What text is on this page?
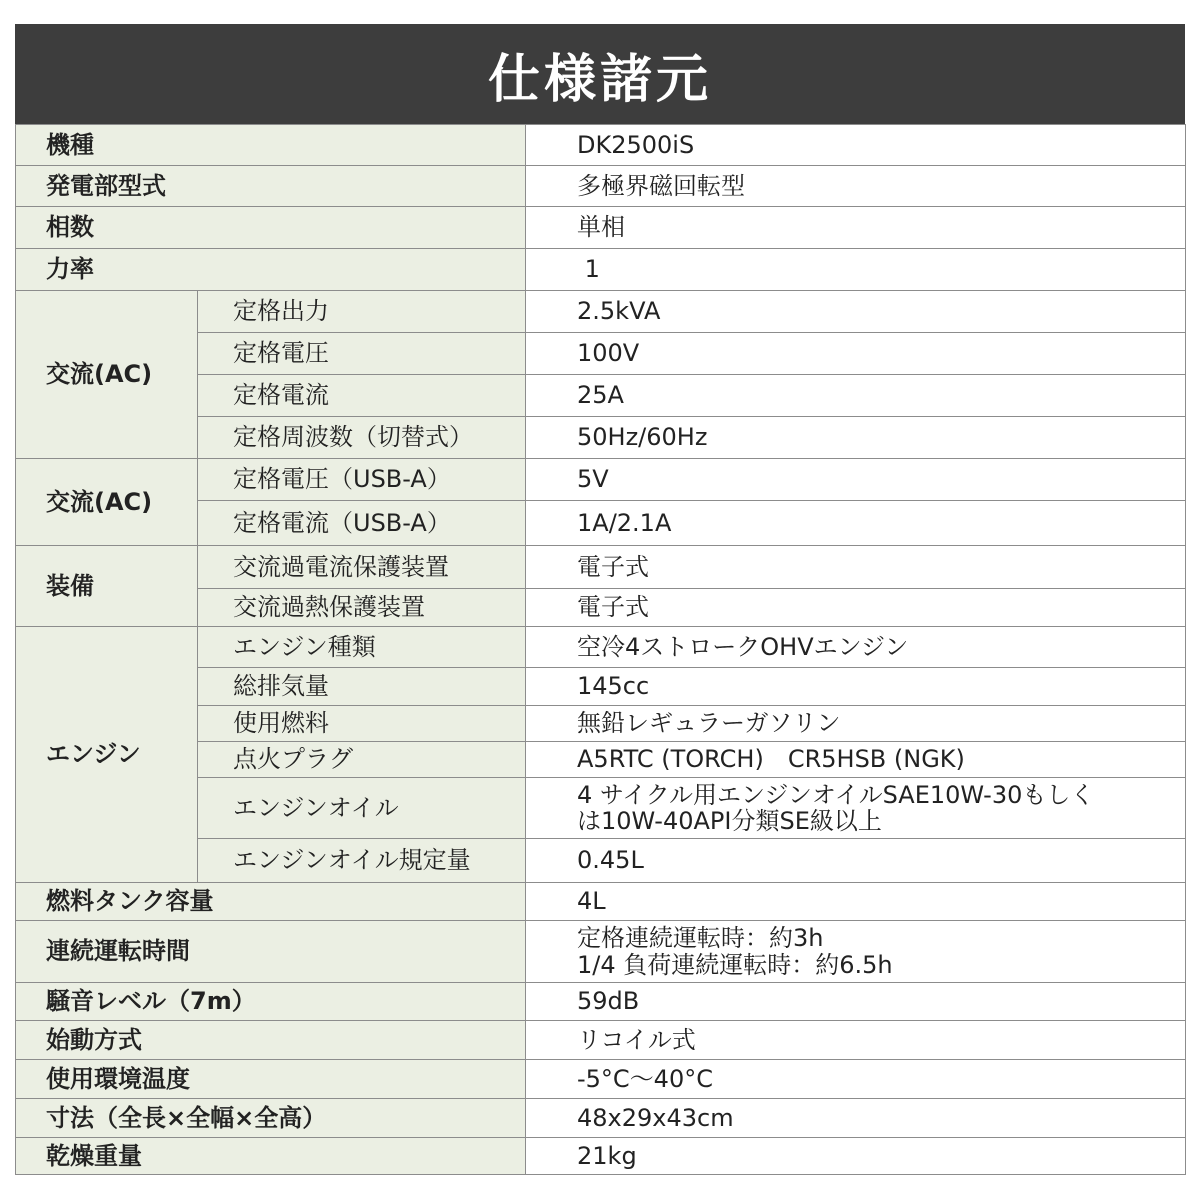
仕様諸元
機種		DK2500iS
発電部型式		多極界磁回転型
相数		単相
力率		1
交流(AC)	定格出力	2.5kVA
	定格電圧	100V
	定格電流	25A
	定格周波数（切替式）	50Hz/60Hz
交流(AC)	定格電圧（USB-A）	5V
	定格電流（USB-A）	1A/2.1A
装備	交流過電流保護装置	電子式
	交流過熱保護装置	電子式
エンジン	エンジン種類	空冷4ストロークOHVエンジン
	総排気量	145cc
	使用燃料	無鉛レギュラーガソリン
	点火プラグ	A5RTC (TORCH)　CR5HSB (NGK)
	エンジンオイル	4 サイクル用エンジンオイルSAE10W-30もしく
は10W-40API分類SE級以上

	エンジンオイル規定量	0.45L
燃料タンク容量		4L
連続運転時間		定格連続運転時：約3h
1/4 負荷連続運転時：約6.5h

騒音レベル（7m）		59dB
始動方式		リコイル式
使用環境温度		-5°C〜40°C
寸法（全長×全幅×全高）		48x29x43cm
乾燥重量		21kg
